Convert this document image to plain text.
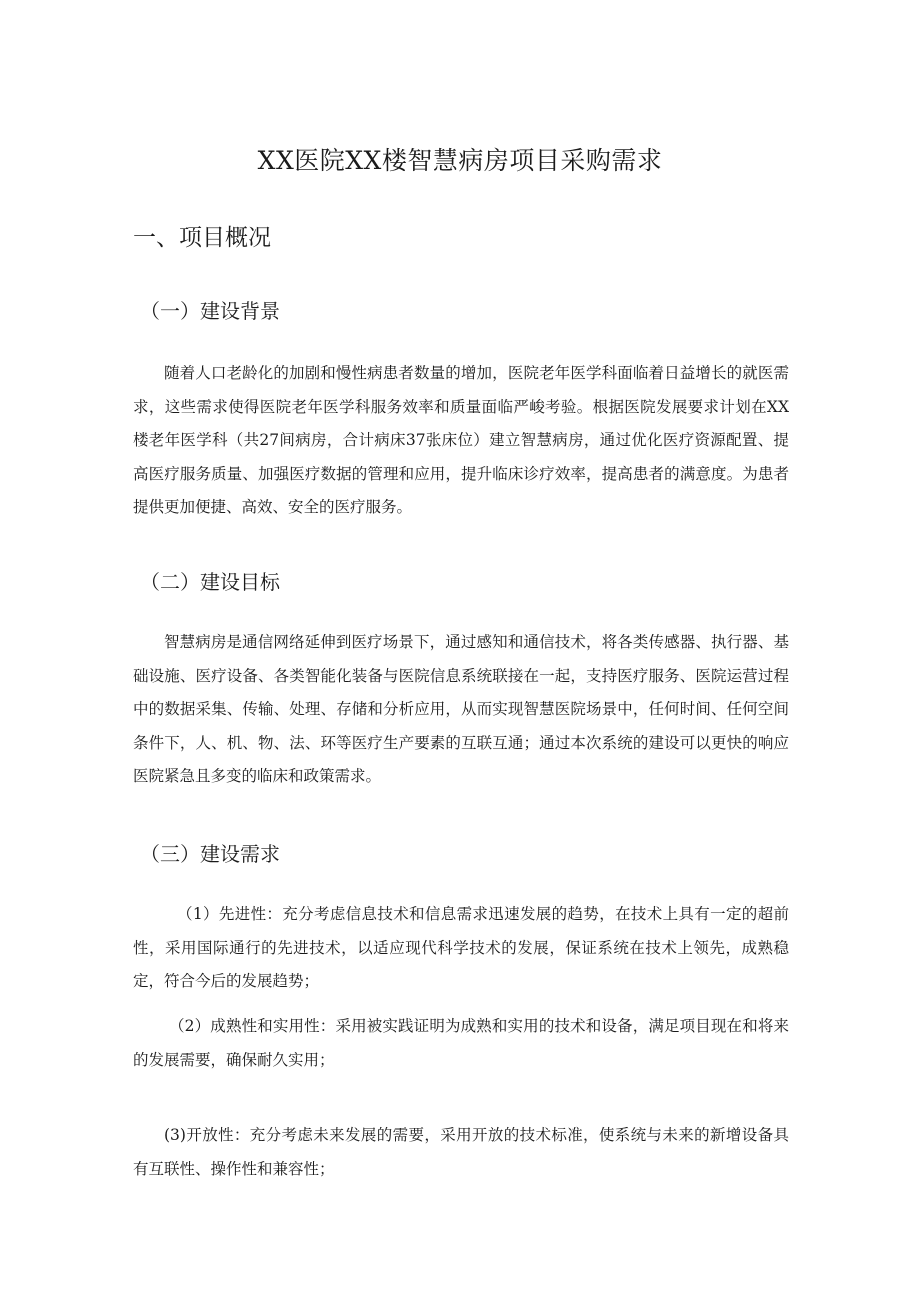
XX医院XX楼智慧病房项目采购需求
一、项目概况
（一）建设背景

随着人口老龄化的加剧和慢性病患者数量的增加，医院老年医学科面临着日益增长的就医需求，这些需求使得医院老年医学科服务效率和质量面临严峻考验。根据医院发展要求计划在XX楼老年医学科（共27间病房，合计病床37张床位）建立智慧病房，通过优化医疗资源配置、提高医疗服务质量、加强医疗数据的管理和应用，提升临床诊疗效率，提高患者的满意度。为患者提供更加便捷、高效、安全的医疗服务。

（二）建设目标

智慧病房是通信网络延伸到医疗场景下，通过感知和通信技术，将各类传感器、执行器、基础设施、医疗设备、各类智能化装备与医院信息系统联接在一起，支持医疗服务、医院运营过程中的数据采集、传输、处理、存储和分析应用，从而实现智慧医院场景中，任何时间、任何空间条件下，人、机、物、法、环等医疗生产要素的互联互通；通过本次系统的建设可以更快的响应医院紧急且多变的临床和政策需求。

（三）建设需求

（1）先进性：充分考虑信息技术和信息需求迅速发展的趋势，在技术上具有一定的超前性，采用国际通行的先进技术，以适应现代科学技术的发展，保证系统在技术上领先，成熟稳定，符合今后的发展趋势；

（2）成熟性和实用性：采用被实践证明为成熟和实用的技术和设备，满足项目现在和将来的发展需要，确保耐久实用；

(3)开放性：充分考虑未来发展的需要，采用开放的技术标准，使系统与未来的新增设备具有互联性、操作性和兼容性；
